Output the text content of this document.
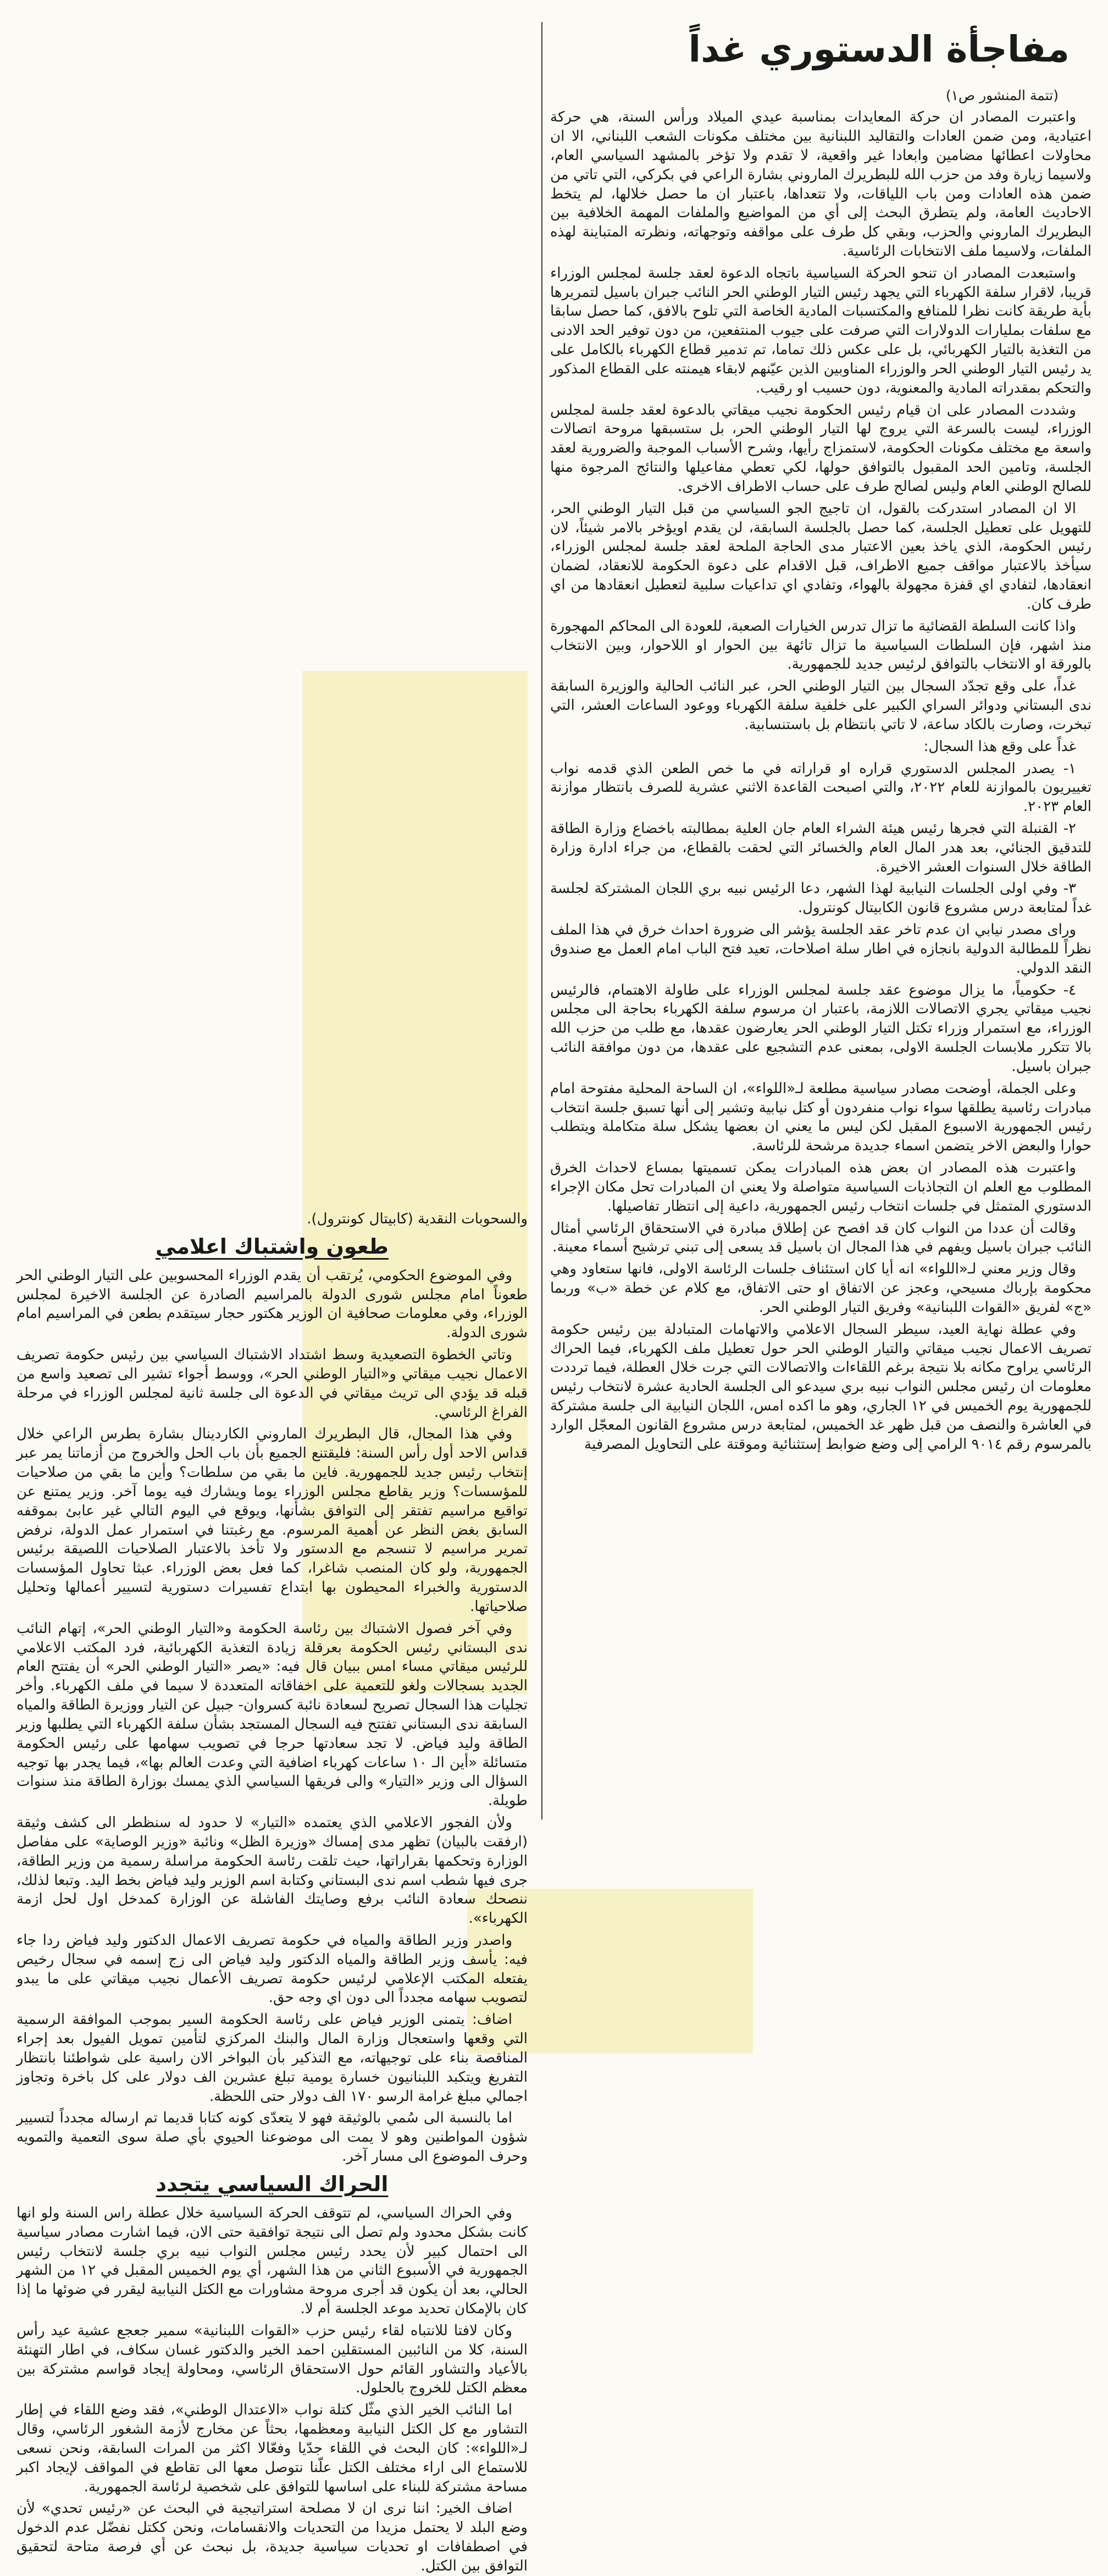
مفاجأة الدستوري غداً
(تتمة المنشور ص١)

واعتبرت المصادر ان حركة المعايدات بمناسبة عيدي الميلاد ورأس السنة، هي حركة اعتيادية، ومن ضمن العادات والتقاليد اللبنانية بين مختلف مكونات الشعب اللبناني، الا ان محاولات اعطائها مضامين وابعادا غير واقعية، لا تقدم ولا تؤخر بالمشهد السياسي العام، ولاسيما زيارة وفد من حزب الله للبطريرك الماروني بشارة الراعي في بكركي، التي تاتي من ضمن هذه العادات ومن باب اللياقات، ولا تتعداها، باعتبار ان ما حصل خلالها، لم يتخط الاحاديث العامة، ولم يتطرق البحث إلى أي من المواضيع والملفات المهمة الخلافية بين البطريرك الماروني والحزب، وبقي كل طرف على مواقفه وتوجهاته، ونظرته المتباينة لهذه الملفات، ولاسيما ملف الانتخابات الرئاسية.

واستبعدت المصادر ان تنحو الحركة السياسية باتجاه الدعوة لعقد جلسة لمجلس الوزراء قريبا، لاقرار سلفة الكهرباء التي يجهد رئيس التيار الوطني الحر النائب جبران باسيل لتمريرها بأية طريقة كانت نظرا للمنافع والمكتسبات المادية الخاصة التي تلوح بالافق، كما حصل سابقا مع سلفات بمليارات الدولارات التي صرفت على جيوب المنتفعين، من دون توفير الحد الادنى من التغذية بالتيار الكهربائي، بل على عكس ذلك تماما، تم تدمير قطاع الكهرباء بالكامل على يد رئيس التيار الوطني الحر والوزراء المناوبين الذين عيّنهم لابقاء هيمنته على القطاع المذكور والتحكم بمقدراته المادية والمعنوية، دون حسيب او رقيب.

وشددت المصادر على ان قيام رئيس الحكومة نجيب ميقاتي بالدعوة لعقد جلسة لمجلس الوزراء، ليست بالسرعة التي يروج لها التيار الوطني الحر، بل ستسبقها مروحة اتصالات واسعة مع مختلف مكونات الحكومة، لاستمزاج رأيها، وشرح الأسباب الموجبة والضرورية لعقد الجلسة، وتامين الحد المقبول بالتوافق حولها، لكي تعطي مفاعيلها والنتائج المرجوة منها للصالح الوطني العام وليس لصالح طرف على حساب الاطراف الاخرى.

الا ان المصادر استدركت بالقول، ان تاجيج الجو السياسي من قبل التيار الوطني الحر، للتهويل على تعطيل الجلسة، كما حصل بالجلسة السابقة، لن يقدم اويؤخر بالامر شيئاً، لان رئيس الحكومة، الذي ياخذ بعين الاعتبار مدى الحاجة الملحة لعقد جلسة لمجلس الوزراء، سيأخذ بالاعتبار مواقف جميع الاطراف، قبل الاقدام على دعوة الحكومة للانعقاد، لضمان انعقادها، لتفادي اي قفزة مجهولة بالهواء، وتفادي اي تداعيات سلبية لتعطيل انعقادها من اي طرف كان.

واذا كانت السلطة القضائية ما تزال تدرس الخيارات الصعبة، للعودة الى المحاكم المهجورة منذ اشهر، فإن السلطات السياسية ما تزال تائهة بين الحوار او اللاحوار، وبين الانتخاب بالورقة او الانتخاب بالتوافق لرئيس جديد للجمهورية.

غداً، على وقع تجدّد السجال بين التيار الوطني الحر، عبر النائب الحالية والوزيرة السابقة ندى البستاني ودوائر السراي الكبير على خلفية سلفة الكهرباء ووعود الساعات العشر، التي تبخرت، وصارت بالكاد ساعة، لا تاتي بانتظام بل باستنسابية.

غداً على وقع هذا السجال:

١- يصدر المجلس الدستوري قراره او قراراته في ما خص الطعن الذي قدمه نواب تغييريون بالموازنة للعام ٢٠٢٢، والتي اصبحت القاعدة الاثني عشرية للصرف بانتظار موازنة العام ٢٠٢٣.

٢- القنبلة التي فجرها رئيس هيئة الشراء العام جان العلية بمطالبته باخضاع وزارة الطاقة للتدقيق الجنائي، بعد هدر المال العام والخسائر التي لحقت بالقطاع، من جراء ادارة وزارة الطاقة خلال السنوات العشر الاخيرة.

٣- وفي اولى الجلسات النيابية لهذا الشهر، دعا الرئيس نبيه بري اللجان المشتركة لجلسة غداً لمتابعة درس مشروع قانون الكابيتال كونترول.

وراى مصدر نيابي ان عدم تاخر عقد الجلسة يؤشر الى ضرورة احداث خرق في هذا الملف نظراً للمطالبة الدولية بانجازه في اطار سلة اصلاحات، تعيد فتح الباب امام العمل مع صندوق النقد الدولي.

٤- حكومياً، ما يزال موضوع عقد جلسة لمجلس الوزراء على طاولة الاهتمام، فالرئيس نجيب ميقاتي يجري الاتصالات اللازمة، باعتبار ان مرسوم سلفة الكهرباء بحاجة الى مجلس الوزراء، مع استمرار وزراء تكتل التيار الوطني الحر يعارضون عقدها، مع طلب من حزب الله بالا تتكرر ملابسات الجلسة الاولى، بمعنى عدم التشجيع على عقدها، من دون موافقة النائب جبران باسيل.

وعلى الجملة، أوضحت مصادر سياسية مطلعة لـ«اللواء»، ان الساحة المحلية مفتوحة امام مبادرات رئاسية يطلقها سواء نواب منفردون أو كتل نيابية وتشير إلى أنها تسبق جلسة انتخاب رئيس الجمهورية الاسبوع المقبل لكن ليس ما يعني ان بعضها يشكل سلة متكاملة ويتطلب حوارا والبعض الاخر يتضمن اسماء جديدة مرشحة للرئاسة.

واعتبرت هذه المصادر ان بعض هذه المبادرات يمكن تسميتها بمساع لاحداث الخرق المطلوب مع العلم ان التجاذبات السياسية متواصلة ولا يعني ان المبادرات تحل مكان الإجراء الدستوري المتمثل في جلسات انتخاب رئيس الجمهورية، داعية إلى انتظار تفاصيلها.

وقالت أن عددا من النواب كان قد افصح عن إطلاق مبادرة في الاستحقاق الرئاسي أمثال النائب جبران باسيل ويفهم في هذا المجال ان باسيل قد يسعى إلى تبني ترشيح أسماء معينة.

وقال وزير معني لـ«اللواء» انه أيا كان استئناف جلسات الرئاسة الاولى، فانها ستعاود وهي محكومة بإرباك مسيحي، وعجز عن الاتفاق او حتى الاتفاق، مع كلام عن خطة «ب» وربما «ج» لفريق «القوات اللبنانية» وفريق التيار الوطني الحر.

وفي عطلة نهاية العيد، سيطر السجال الاعلامي والاتهامات المتبادلة بين رئيس حكومة تصريف الاعمال نجيب ميقاتي والتيار الوطني الحر حول تعطيل ملف الكهرباء، فيما الحراك الرئاسي يراوح مكانه بلا نتيجة برغم اللقاءات والاتصالات التي جرت خلال العطلة، فيما ترددت معلومات ان رئيس مجلس النواب نبيه بري سيدعو الى الجلسة الحادية عشرة لانتخاب رئيس للجمهورية يوم الخميس في ١٢ الجاري، وهو ما اكده امس، اللجان النيابية الى جلسة مشتركة في العاشرة والنصف من قبل ظهر غد الخميس، لمتابعة درس مشروع القانون المعجّل الوارد بالمرسوم رقم ٩٠١٤ الرامي إلى وضع ضوابط إستثنائية وموقتة على التحاويل المصرفية

والسحوبات النقدية (كابيتال كونترول).

طعون واشتباك اعلامي

وفي الموضوع الحكومي، يُرتقب أن يقدم الوزراء المحسوبين على التيار الوطني الحر طعوناً امام مجلس شورى الدولة بالمراسيم الصادرة عن الجلسة الاخيرة لمجلس الوزراء، وفي معلومات صحافية ان الوزير هكتور حجار سيتقدم بطعن في المراسيم امام شورى الدولة.

وتاتي الخطوة التصعيدية وسط اشتداد الاشتباك السياسي بين رئيس حكومة تصريف الاعمال نجيب ميقاتي و«التيار الوطني الحر»، ووسط أجواء تشير الى تصعيد واسع من قبله قد يؤدي الى تريث ميقاتي في الدعوة الى جلسة ثانية لمجلس الوزراء في مرحلة الفراغ الرئاسي.

وفي هذا المجال، قال البطريرك الماروني الكاردينال بشارة بطرس الراعي خلال قداس الاحد أول رأس السنة: فليقتنع الجميع بأن باب الحل والخروج من أزماتنا يمر عبر إنتخاب رئيس جديد للجمهورية. فاين ما بقي من سلطات؟ وأين ما بقي من صلاحيات للمؤسسات؟ وزير يقاطع مجلس الوزراء يوما ويشارك فيه يوما آخر. وزير يمتنع عن تواقيع مراسيم تفتقر إلى التوافق بشأنها، ويوقع في اليوم التالي غير عابئ بموقفه السابق بغض النظر عن أهمية المرسوم. مع رغبتنا في استمرار عمل الدولة، نرفض تمرير مراسيم لا تنسجم مع الدستور ولا تأخذ بالاعتبار الصلاحيات اللصيقة برئيس الجمهورية، ولو كان المنصب شاغرا، كما فعل بعض الوزراء. عبثا تحاول المؤسسات الدستورية والخبراء المحيطون بها ابتداع تفسيرات دستورية لتسيير أعمالها وتحليل صلاحياتها.

وفي آخر فصول الاشتباك بين رئاسة الحكومة و«التيار الوطني الحر»، إتهام النائب ندى البستاني رئيس الحكومة بعرقلة زيادة التغذية الكهربائية، فرد المكتب الاعلامي للرئيس ميقاتي مساء امس ببيان قال فيه: «يصر «التيار الوطني الحر» أن يفتتح العام الجديد بسجالات ولغو للتعمية على اخفاقاته المتعددة لا سيما في ملف الكهرباء. وأخر تجليات هذا السجال تصريح لسعادة نائبة كسروان- جبيل عن التيار ووزيرة الطاقة والمياه السابقة ندى البستاني تفتتح فيه السجال المستجد بشأن سلفة الكهرباء التي يطلبها وزير الطاقة وليد فياض. لا تجد سعادتها حرجا في تصويب سهامها على رئيس الحكومة متسائلة «أين الـ ١٠ ساعات كهرباء اضافية التي وعدت العالم بها»، فيما يجدر بها توجيه السؤال الى وزير «التيار» والى فريقها السياسي الذي يمسك بوزارة الطاقة منذ سنوات طويلة.

ولأن الفجور الاعلامي الذي يعتمده «التيار» لا حدود له سنظطر الى كشف وثيقة (ارفقت بالبيان) تظهر مدى إمساك «وزيرة الظل» ونائبة «وزير الوصاية» على مفاصل الوزارة وتحكمها بقراراتها، حيث تلقت رئاسة الحكومة مراسلة رسمية من وزير الطاقة، جرى فيها شطب اسم ندى البستاني وكتابة اسم الوزير وليد فياض بخط اليد. وتبعا لذلك، ننصحك سعادة النائب برفع وصايتك الفاشلة عن الوزارة كمدخل اول لحل ازمة الكهرباء».

واصدر وزير الطاقة والمياه في حكومة تصريف الاعمال الدكتور وليد فياض ردا جاء فيه: يأسف وزير الطاقة والمياه الدكتور وليد فياض الى زج إسمه في سجال رخيص يفتعله المكتب الإعلامي لرئيس حكومة تصريف الأعمال نجيب ميقاتي على ما يبدو لتصويب سهامه مجدداً الى دون اي وجه حق.

اضاف: يتمنى الوزير فياض على رئاسة الحكومة السير بموجب الموافقة الرسمية التي وقعها واستعجال وزارة المال والبنك المركزي لتأمين تمويل الفيول بعد إجراء المناقصة بناء على توجيهاته، مع التذكير بأن البواخر الان راسية على شواطئنا بانتظار التفريغ ويتكبد اللبنانيون خسارة يومية تبلغ عشرين الف دولار على كل باخرة وتجاوز اجمالي مبلغ غرامة الرسو ١٧٠ الف دولار حتى اللحظة.

اما بالنسبة الى سُمي بالوثيقة فهو لا يتعدّى كونه كتابا قديما تم ارساله مجدداً لتسيير شؤون المواطنين وهو لا يمت الى موضوعنا الحيوي بأي صلة سوى التعمية والتمويه وحرف الموضوع الى مسار آخر.

الحراك السياسي يتجدد

وفي الحراك السياسي، لم تتوقف الحركة السياسية خلال عطلة راس السنة ولو انها كانت بشكل محدود ولم تصل الى نتيجة توافقية حتى الان، فيما اشارت مصادر سياسية الى احتمال كبير لأن يحدد رئيس مجلس النواب نبيه بري جلسة لانتخاب رئيس الجمهورية في الأسبوع الثاني من هذا الشهر، أي يوم الخميس المقبل في ١٢ من الشهر الحالي، بعد أن يكون قد أجرى مروحة مشاورات مع الكتل النيابية ليقرر في ضوئها ما إذا كان بالإمكان تحديد موعد الجلسة أم لا.

وكان لافتا للانتباه لقاء رئيس حزب «القوات اللبنانية» سمير جعجع عشية عيد رأس السنة، كلا من النائبين المستقلين احمد الخير والدكتور غسان سكاف، في اطار التهنئة بالأعياد والتشاور القائم حول الاستحقاق الرئاسي، ومحاولة إيجاد قواسم مشتركة بين معظم الكتل للخروج بالحلول.

اما النائب الخير الذي مثّل كتلة نواب «الاعتدال الوطني»، فقد وضع اللقاء في إطار التشاور مع كل الكتل النيابية ومعظمها، بحثاً عن مخارج لأزمة الشغور الرئاسي، وقال لـ«اللواء»: كان البحث في اللقاء جدّيا وفعّالا اكثر من المرات السابقة، ونحن نسعى للاستماع الى اراء مختلف الكتل علّنا نتوصل معها الى تقاطع في المواقف لإيجاد اكبر مساحة مشتركة للبناء على اساسها للتوافق على شخصية لرئاسة الجمهورية.

اضاف الخير: اننا نرى ان لا مصلحة استراتيجية في البحث عن «رئيس تحدي» لأن وضع البلد لا يحتمل مزيدا من التحديات والانقسامات، ونحن ككتل نفضّل عدم الدخول في اصطفافات او تحديات سياسية جديدة، بل نبحث عن أي فرصة متاحة لتحقيق التوافق بين الكتل.
